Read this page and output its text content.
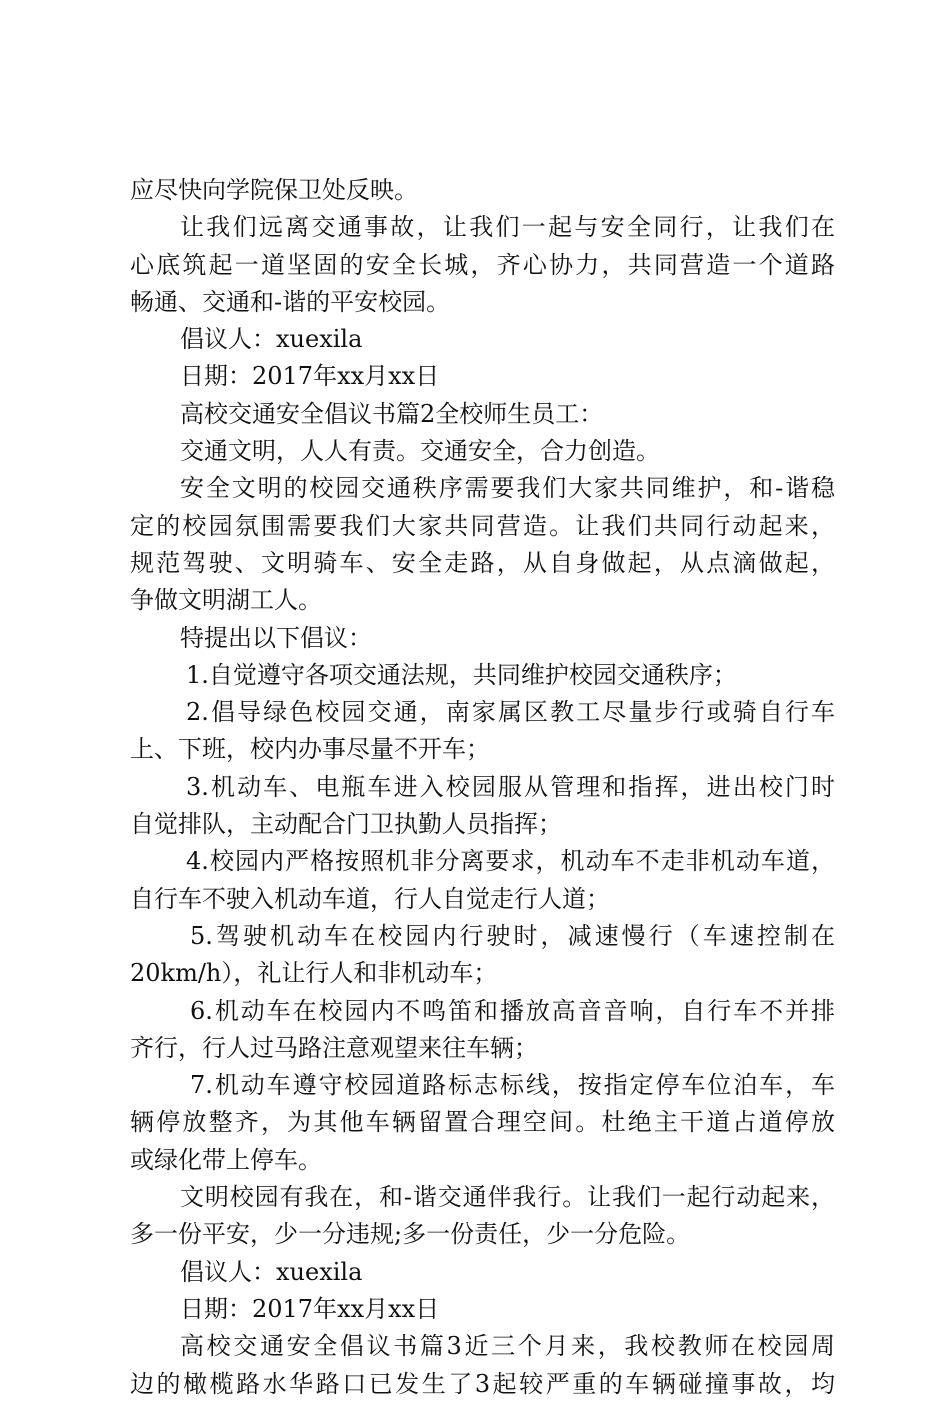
应尽快向学院保卫处反映。
让我们远离交通事故，让我们一起与安全同行，让我们在
心底筑起一道坚固的安全长城，齐心协力，共同营造一个道路
畅通、交通和-谐的平安校园。
倡议人：xuexila
日期：2017年xx月xx日
高校交通安全倡议书篇2全校师生员工：
交通文明，人人有责。交通安全，合力创造。
安全文明的校园交通秩序需要我们大家共同维护，和-谐稳
定的校园氛围需要我们大家共同营造。让我们共同行动起来，
规范驾驶、文明骑车、安全走路，从自身做起，从点滴做起，
争做文明湖工人。
特提出以下倡议：
1.自觉遵守各项交通法规，共同维护校园交通秩序；
2.倡导绿色校园交通，南家属区教工尽量步行或骑自行车
上、下班，校内办事尽量不开车；
3.机动车、电瓶车进入校园服从管理和指挥，进出校门时
自觉排队，主动配合门卫执勤人员指挥；
4.校园内严格按照机非分离要求，机动车不走非机动车道，
自行车不驶入机动车道，行人自觉走行人道；
5.驾驶机动车在校园内行驶时，减速慢行（车速控制在
20km/h），礼让行人和非机动车；
6.机动车在校园内不鸣笛和播放高音音响，自行车不并排
齐行，行人过马路注意观望来往车辆；
7.机动车遵守校园道路标志标线，按指定停车位泊车，车
辆停放整齐，为其他车辆留置合理空间。杜绝主干道占道停放
或绿化带上停车。
文明校园有我在，和-谐交通伴我行。让我们一起行动起来，
多一份平安，少一分违规;多一份责任，少一分危险。
倡议人：xuexila
日期：2017年xx月xx日
高校交通安全倡议书篇3近三个月来，我校教师在校园周
边的橄榄路水华路口已发生了3起较严重的车辆碰撞事故，均
